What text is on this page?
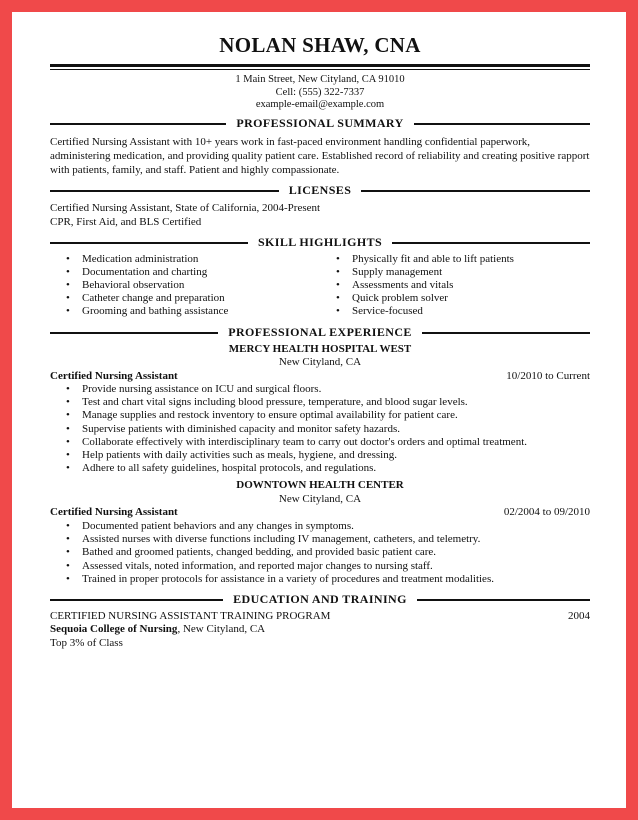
NOLAN SHAW, CNA
1 Main Street, New Cityland, CA 91010
Cell: (555) 322-7337
example-email@example.com
PROFESSIONAL SUMMARY
Certified Nursing Assistant with 10+ years work in fast-paced environment handling confidential paperwork, administering medication, and providing quality patient care. Established record of reliability and creating positive rapport with patients, family, and staff. Patient and highly compassionate.
LICENSES
Certified Nursing Assistant, State of California, 2004-Present
CPR, First Aid, and BLS Certified
SKILL HIGHLIGHTS
• Medication administration
• Documentation and charting
• Behavioral observation
• Catheter change and preparation
• Grooming and bathing assistance
• Physically fit and able to lift patients
• Supply management
• Assessments and vitals
• Quick problem solver
• Service-focused
PROFESSIONAL EXPERIENCE
MERCY HEALTH HOSPITAL WEST
New Cityland, CA
Certified Nursing Assistant	10/2010 to Current
• Provide nursing assistance on ICU and surgical floors.
• Test and chart vital signs including blood pressure, temperature, and blood sugar levels.
• Manage supplies and restock inventory to ensure optimal availability for patient care.
• Supervise patients with diminished capacity and monitor safety hazards.
• Collaborate effectively with interdisciplinary team to carry out doctor's orders and optimal treatment.
• Help patients with daily activities such as meals, hygiene, and dressing.
• Adhere to all safety guidelines, hospital protocols, and regulations.
DOWNTOWN HEALTH CENTER
New Cityland, CA
Certified Nursing Assistant	02/2004 to 09/2010
• Documented patient behaviors and any changes in symptoms.
• Assisted nurses with diverse functions including IV management, catheters, and telemetry.
• Bathed and groomed patients, changed bedding, and provided basic patient care.
• Assessed vitals, noted information, and reported major changes to nursing staff.
• Trained in proper protocols for assistance in a variety of procedures and treatment modalities.
EDUCATION AND TRAINING
CERTIFIED NURSING ASSISTANT TRAINING PROGRAM	2004
Sequoia College of Nursing, New Cityland, CA
Top 3% of Class
